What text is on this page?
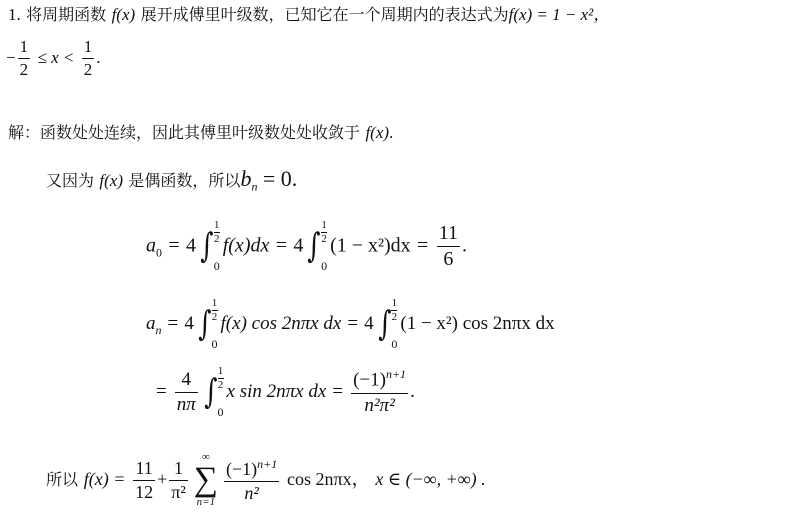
1. 将周期函数 f(x) 展开成傅里叶级数，已知它在一个周期内的表达式为f(x) = 1 − x²，
− $\frac{1}{2} \le x < \frac{1}{2}$ .
解：函数处处连续，因此其傅里叶级数处处收敛于 f(x).
又因为 f(x) 是偶函数，所以$b_n = 0$.
$a_0 = 4$ ∫
1
2
0
f(x)dx = 4 ∫
1
2
0
$(1 - x^2)dx = \frac{11}{6}$ .
$a_n = 4$ ∫
1
2
0
f(x) cos 2nπx dx = 4 ∫
1
2
0
(1 − x²) cos 2nπx dx
= $\frac{4}{n\pi}$ ∫
1
2
0
x sin 2nπx dx = $\frac{(-1)^{n+1}}{\text{n²π²}}$ .
所以 $f(x) = \frac{11}{12} + \frac{1}{\text{π²}}$
∞
∑
$n=1 \frac{(-1)^{n+1}}{\text{n²}}$ cos 2nπx， x ∈ (−∞, +∞) .
